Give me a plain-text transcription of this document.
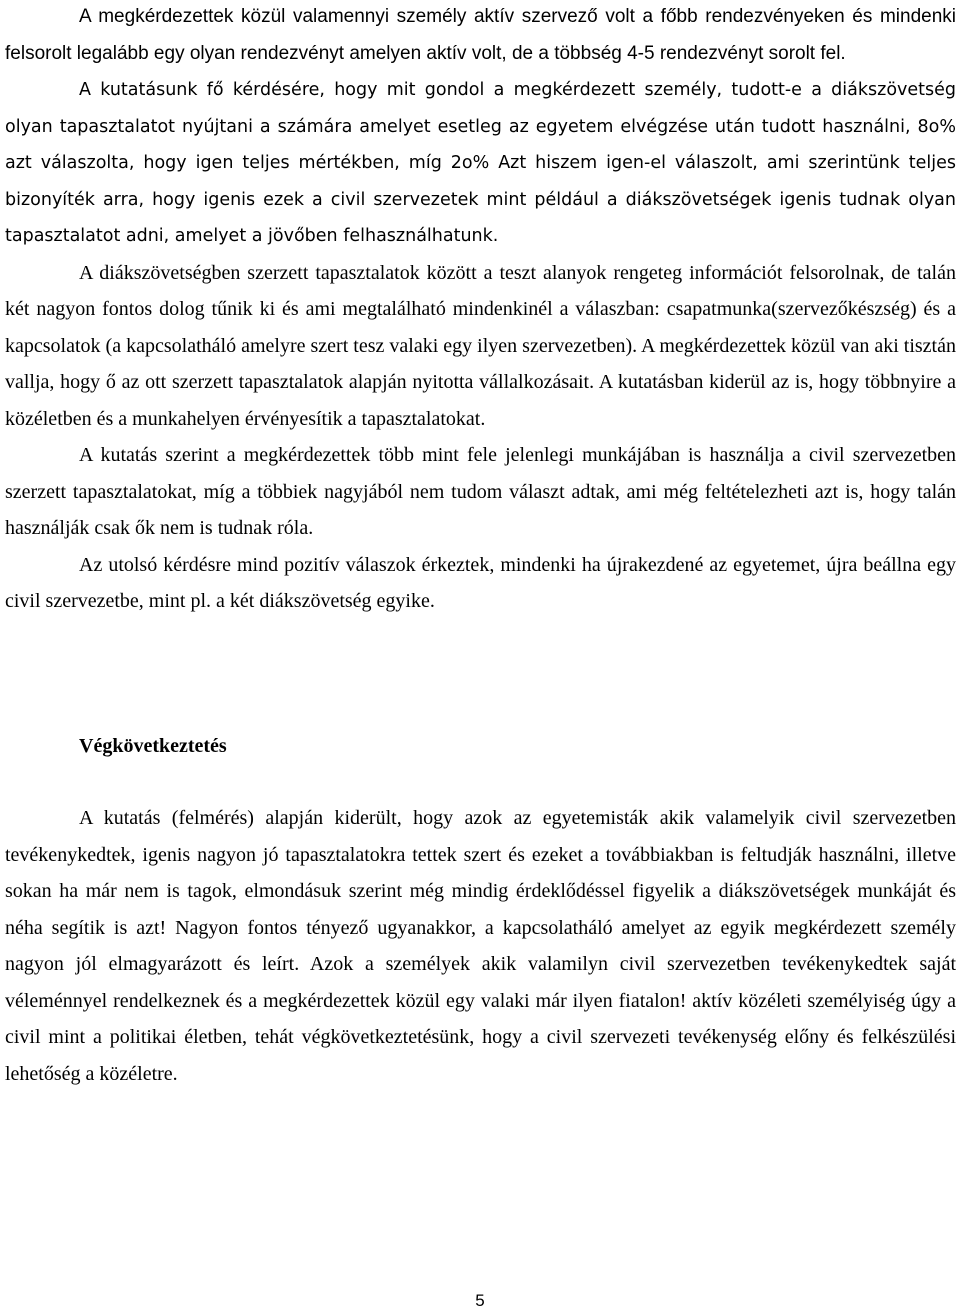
A megkérdezettek közül valamennyi személy aktív szervező volt a főbb rendezvényeken és mindenki felsorolt legalább egy olyan rendezvényt amelyen aktív volt, de a többség 4-5 rendezvényt sorolt fel.

A kutatásunk fő kérdésére, hogy mit gondol a megkérdezett személy, tudott-e a diákszövetség olyan tapasztalatot nyújtani a számára amelyet esetleg az egyetem elvégzése után tudott használni, 8o% azt válaszolta, hogy igen teljes mértékben, míg 2o% Azt hiszem igen-el válaszolt, ami szerintünk teljes bizonyíték arra, hogy igenis ezek a civil szervezetek mint például a diákszövetségek igenis tudnak olyan tapasztalatot adni, amelyet a jövőben felhasználhatunk.

A diákszövetségben szerzett tapasztalatok között a teszt alanyok rengeteg információt felsorolnak, de talán két nagyon fontos dolog tűnik ki és ami megtalálható mindenkinél a válaszban: csapatmunka(szervezőkészség) és a kapcsolatok (a kapcsolatháló amelyre szert tesz valaki egy ilyen szervezetben). A megkérdezettek közül van aki tisztán vallja, hogy ő az ott szerzett tapasztalatok alapján nyitotta vállalkozásait. A kutatásban kiderül az is, hogy többnyire a közéletben és a munkahelyen érvényesítik a tapasztalatokat.

A kutatás szerint a megkérdezettek több mint fele jelenlegi munkájában is használja a civil szervezetben szerzett tapasztalatokat, míg a többiek nagyjából nem tudom választ adtak, ami még feltételezheti azt is, hogy talán használják csak ők nem is tudnak róla.

Az utolsó kérdésre mind pozitív válaszok érkeztek, mindenki ha újrakezdené az egyetemet, újra beállna egy civil szervezetbe, mint pl. a két diákszövetség egyike.

Végkövetkeztetés

A kutatás (felmérés) alapján kiderült, hogy azok az egyetemisták akik valamelyik civil szervezetben tevékenykedtek, igenis nagyon jó tapasztalatokra tettek szert és ezeket a továbbiakban is feltudják használni, illetve sokan ha már nem is tagok, elmondásuk szerint még mindig érdeklődéssel figyelik a diákszövetségek munkáját és néha segítik is azt! Nagyon fontos tényező ugyanakkor, a kapcsolatháló amelyet az egyik megkérdezett személy nagyon jól elmagyarázott és leírt. Azok a személyek akik valamilyn civil szervezetben tevékenykedtek saját véleménnyel rendelkeznek és a megkérdezettek közül egy valaki már ilyen fiatalon! aktív közéleti személyiség úgy a civil mint a politikai életben, tehát végkövetkeztetésünk, hogy a civil szervezeti tevékenység előny és felkészülési lehetőség a közéletre.

5
